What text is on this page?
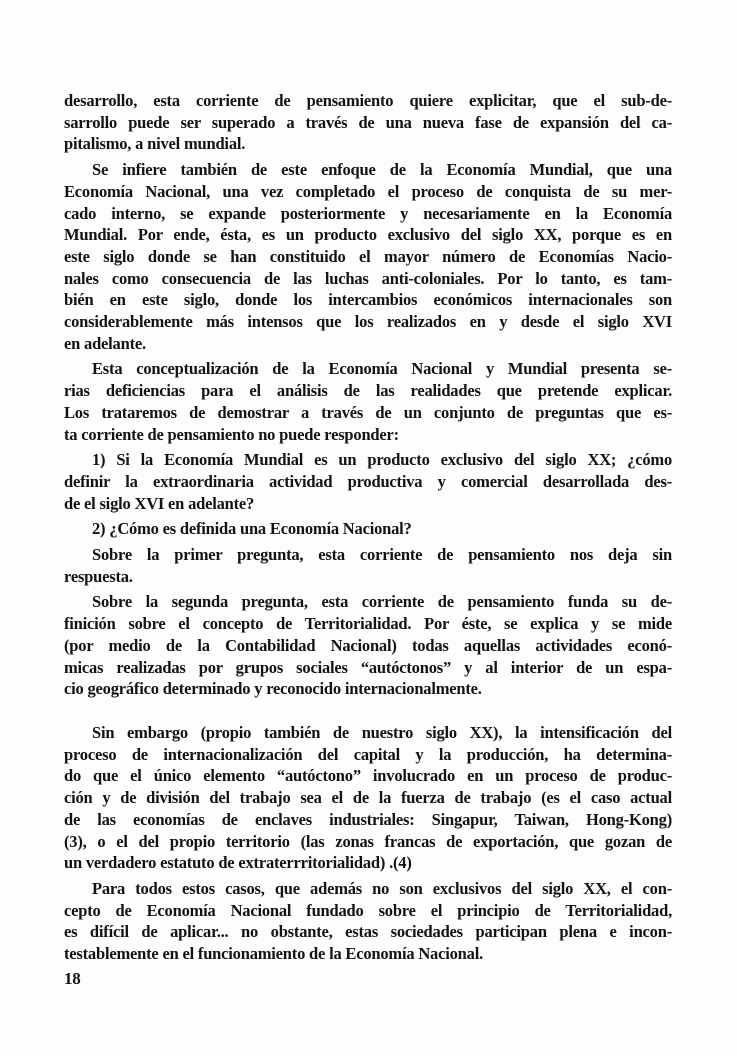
desarrollo, esta corriente de pensamiento quiere explicitar, que el sub-de-
sarrollo puede ser superado a través de una nueva fase de expansión del ca-
pitalismo, a nivel mundial.
Se infiere también de este enfoque de la Economía Mundial, que una
Economía Nacional, una vez completado el proceso de conquista de su mer-
cado interno, se expande posteriormente y necesariamente en la Economía
Mundial. Por ende, ésta, es un producto exclusivo del siglo XX, porque es en
este siglo donde se han constituido el mayor número de Economías Nacio-
nales como consecuencia de las luchas anti-coloniales. Por lo tanto, es tam-
bién en este siglo, donde los intercambios económicos internacionales son
considerablemente más intensos que los realizados en y desde el siglo XVI
en adelante.
Esta conceptualización de la Economía Nacional y Mundial presenta se-
rias deficiencias para el análisis de las realidades que pretende explicar.
Los trataremos de demostrar a través de un conjunto de preguntas que es-
ta corriente de pensamiento no puede responder:
1) Si la Economía Mundial es un producto exclusivo del siglo XX; ¿cómo
definir la extraordinaria actividad productiva y comercial desarrollada des-
de el siglo XVI en adelante?
2) ¿Cómo es definida una Economía Nacional?
Sobre la primer pregunta, esta corriente de pensamiento nos deja sin
respuesta.
Sobre la segunda pregunta, esta corriente de pensamiento funda su de-
finición sobre el concepto de Territorialidad. Por éste, se explica y se mide
(por medio de la Contabilidad Nacional) todas aquellas actividades econó-
micas realizadas por grupos sociales “autóctonos” y al interior de un espa-
cio geográfico determinado y reconocido internacionalmente.
Sin embargo (propio también de nuestro siglo XX), la intensificación del
proceso de internacionalización del capital y la producción, ha determina-
do que el único elemento “autóctono” involucrado en un proceso de produc-
ción y de división del trabajo sea el de la fuerza de trabajo (es el caso actual
de las economías de enclaves industriales: Singapur, Taiwan, Hong-Kong)
(3), o el del propio territorio (las zonas francas de exportación, que gozan de
un verdadero estatuto de extraterrritorialidad) .(4)
Para todos estos casos, que además no son exclusivos del siglo XX, el con-
cepto de Economía Nacional fundado sobre el principio de Territorialidad,
es difícil de aplicar... no obstante, estas sociedades participan plena e incon-
testablemente en el funcionamiento de la Economía Nacional.
18
